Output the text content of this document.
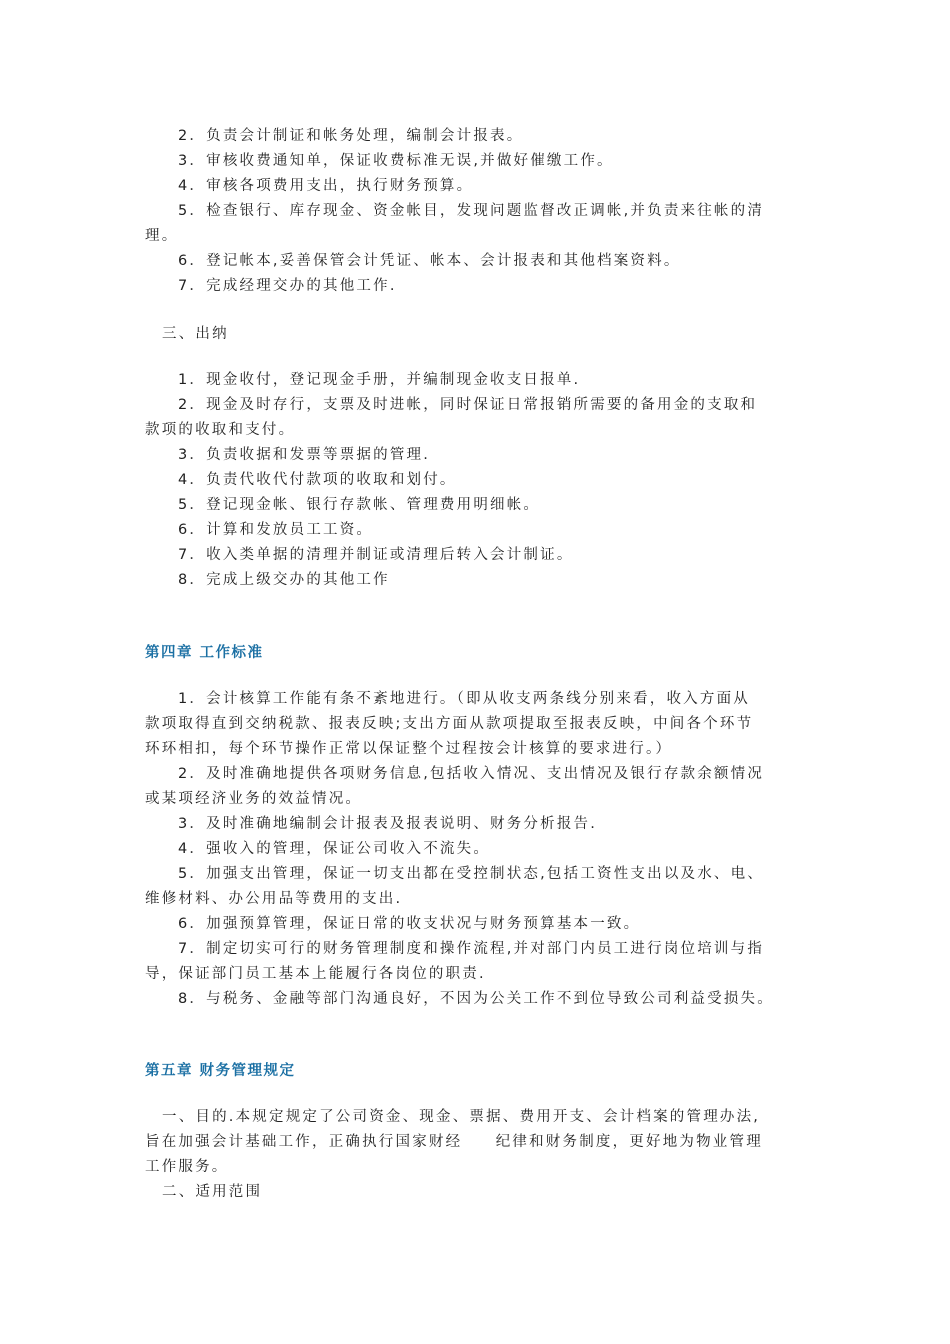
2．负责会计制证和帐务处理，编制会计报表。
3．审核收费通知单，保证收费标准无误,并做好催缴工作。
4．审核各项费用支出，执行财务预算。
5．检查银行、库存现金、资金帐目，发现问题监督改正调帐,并负责来往帐的清
理。
6．登记帐本,妥善保管会计凭证、帐本、会计报表和其他档案资料。
7．完成经理交办的其他工作.
三、出纳
1．现金收付，登记现金手册，并编制现金收支日报单.
2．现金及时存行，支票及时进帐，同时保证日常报销所需要的备用金的支取和
款项的收取和支付。
3．负责收据和发票等票据的管理.
4．负责代收代付款项的收取和划付。
5．登记现金帐、银行存款帐、管理费用明细帐。
6．计算和发放员工工资。
7．收入类单据的清理并制证或清理后转入会计制证。
8．完成上级交办的其他工作
第四章 工作标准
1．会计核算工作能有条不紊地进行。（即从收支两条线分别来看，收入方面从
款项取得直到交纳税款、报表反映;支出方面从款项提取至报表反映，中间各个环节
环环相扣，每个环节操作正常以保证整个过程按会计核算的要求进行。）
2．及时准确地提供各项财务信息,包括收入情况、支出情况及银行存款余额情况
或某项经济业务的效益情况。
3．及时准确地编制会计报表及报表说明、财务分析报告.
4．强收入的管理，保证公司收入不流失。
5．加强支出管理，保证一切支出都在受控制状态,包括工资性支出以及水、电、
维修材料、办公用品等费用的支出.
6．加强预算管理，保证日常的收支状况与财务预算基本一致。
7．制定切实可行的财务管理制度和操作流程,并对部门内员工进行岗位培训与指
导，保证部门员工基本上能履行各岗位的职责.
8．与税务、金融等部门沟通良好，不因为公关工作不到位导致公司利益受损失。
第五章 财务管理规定
一、目的.本规定规定了公司资金、现金、票据、费用开支、会计档案的管理办法,
旨在加强会计基础工作，正确执行国家财经　　纪律和财务制度，更好地为物业管理
工作服务。
二、适用范围
